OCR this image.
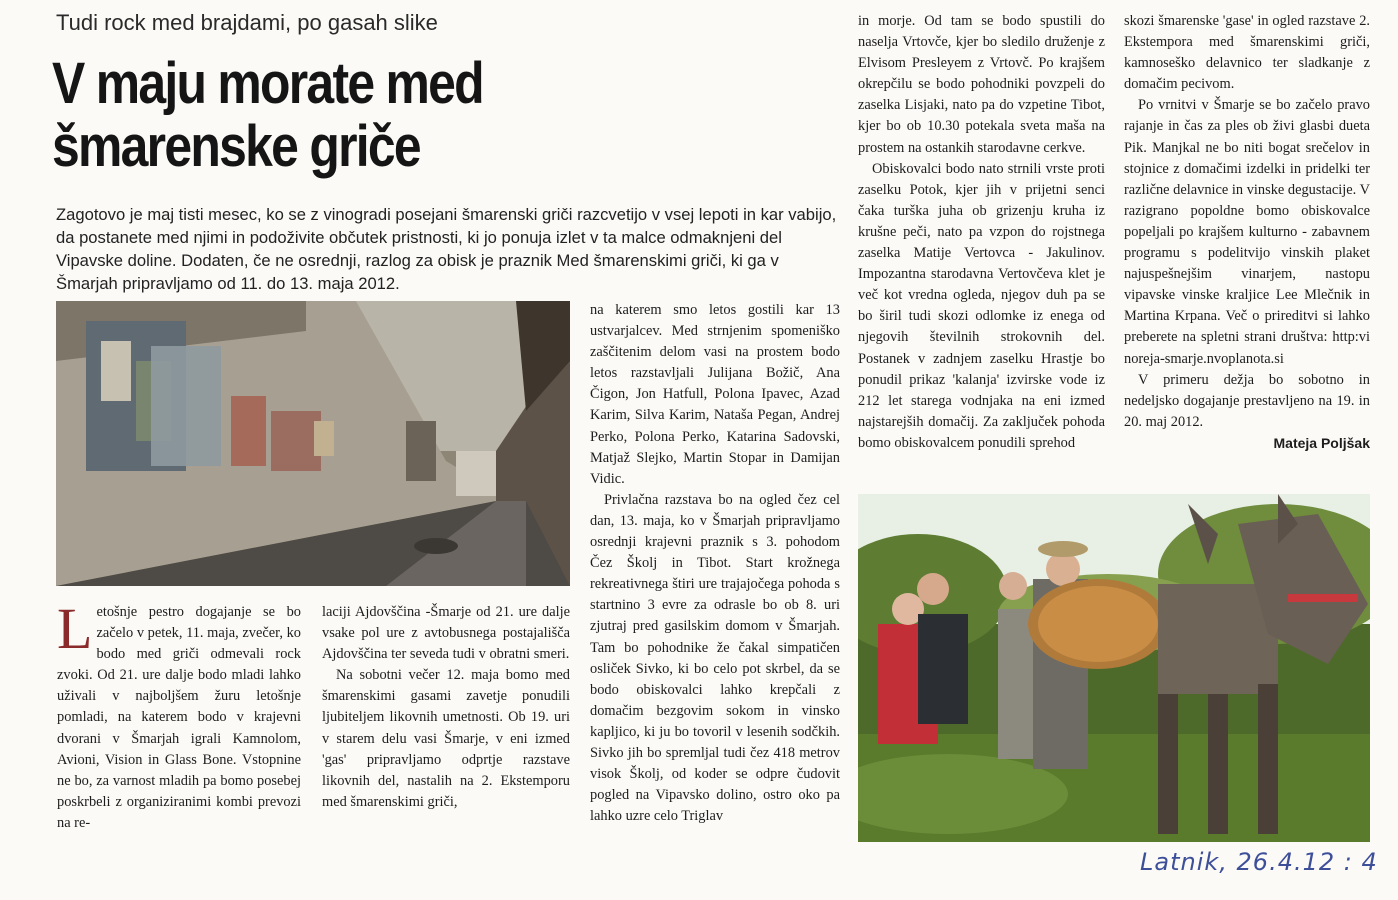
Tudi rock med brajdami, po gasah slike
V maju morate med
šmarenske griče
Zagotovo je maj tisti mesec, ko se z vinogradi posejani šmarenski griči razcvetijo v vsej lepoti in kar vabijo, da postanete med njimi in podoživite občutek pristnosti, ki jo ponuja izlet v ta malce odmaknjeni del Vipavske doline. Dodaten, če ne osrednji, razlog za obisk je praznik Med šmarenskimi griči, ki ga v Šmarjah pripravljamo od 11. do 13. maja 2012.

Letošnje pestro dogajanje se bo začelo v petek, 11. maja, zvečer, ko bodo med griči odmevali rock zvoki. Od 21. ure dalje bodo mladi lahko uživali v najboljšem žuru letošnje pomladi, na katerem bodo v krajevni dvorani v Šmarjah igrali Kamnolom, Avioni, Vision in Glass Bone. Vstopnine ne bo, za varnost mladih pa bomo posebej poskrbeli z organiziranimi kombi prevozi na re-

laciji Ajdovščina -Šmarje od 21. ure dalje vsake pol ure z avtobusnega postajališča Ajdovščina ter seveda tudi v obratni smeri.

Na sobotni večer 12. maja bomo med šmarenskimi gasami zavetje ponudili ljubiteljem likovnih umetnosti. Ob 19. uri v starem delu vasi Šmarje, v eni izmed 'gas' pripravljamo odprtje razstave likovnih del, nastalih na 2. Ekstemporu med šmarenskimi griči,

na katerem smo letos gostili kar 13 ustvarjalcev. Med strnjenim spomeniško zaščitenim delom vasi na prostem bodo letos razstavljali Julijana Božič, Ana Čigon, Jon Hatfull, Polona Ipavec, Azad Karim, Silva Karim, Nataša Pegan, Andrej Perko, Polona Perko, Katarina Sadovski, Matjaž Slejko, Martin Stopar in Damijan Vidic.

Privlačna razstava bo na ogled čez cel dan, 13. maja, ko v Šmarjah pripravljamo osrednji krajevni praznik s 3. pohodom Čez Školj in Tibot. Start krožnega rekreativnega štiri ure trajajočega pohoda s startnino 3 evre za odrasle bo ob 8. uri zjutraj pred gasilskim domom v Šmarjah. Tam bo pohodnike že čakal simpatičen osliček Sivko, ki bo celo pot skrbel, da se bodo obiskovalci lahko krepčali z domačim bezgovim sokom in vinsko kapljico, ki ju bo tovoril v lesenih sodčkih. Sivko jih bo spremljal tudi čez 418 metrov visok Školj, od koder se odpre čudovit pogled na Vipavsko dolino, ostro oko pa lahko uzre celo Triglav

in morje. Od tam se bodo spustili do naselja Vrtovče, kjer bo sledilo druženje z Elvisom Presleyem z Vrtovč. Po krajšem okrepčilu se bodo pohodniki povzpeli do zaselka Lisjaki, nato pa do vzpetine Tibot, kjer bo ob 10.30 potekala sveta maša na prostem na ostankih starodavne cerkve.

Obiskovalci bodo nato strnili vrste proti zaselku Potok, kjer jih v prijetni senci čaka turška juha ob grizenju kruha iz krušne peči, nato pa vzpon do rojstnega zaselka Matije Vertovca - Jakulinov. Impozantna starodavna Vertovčeva klet je več kot vredna ogleda, njegov duh pa se bo širil tudi skozi odlomke iz enega od njegovih številnih strokovnih del. Postanek v zadnjem zaselku Hrastje bo ponudil prikaz 'kalanja' izvirske vode iz 212 let starega vodnjaka na eni izmed najstarejših domačij. Za zaključek pohoda bomo obiskovalcem ponudili sprehod

skozi šmarenske 'gase' in ogled razstave 2. Ekstempora med šmarenskimi griči, kamnoseško delavnico ter sladkanje z domačim pecivom.

Po vrnitvi v Šmarje se bo začelo pravo rajanje in čas za ples ob živi glasbi dueta Pik. Manjkal ne bo niti bogat srečelov in stojnice z domačimi izdelki in pridelki ter različne delavnice in vinske degustacije. V razigrano popoldne bomo obiskovalce popeljali po krajšem kulturno - zabavnem programu s podelitvijo vinskih plaket najuspešnejšim vinarjem, nastopu vipavske vinske kraljice Lee Mlečnik in Martina Krpana. Več o prireditvi si lahko preberete na spletni strani društva: http:vinoreja-smarje.nvoplanota.si

V primeru dežja bo sobotno in nedeljsko dogajanje prestavljeno na 19. in 20. maj 2012.

Mateja Poljšak
Latnik, 26.4.12 : 4
